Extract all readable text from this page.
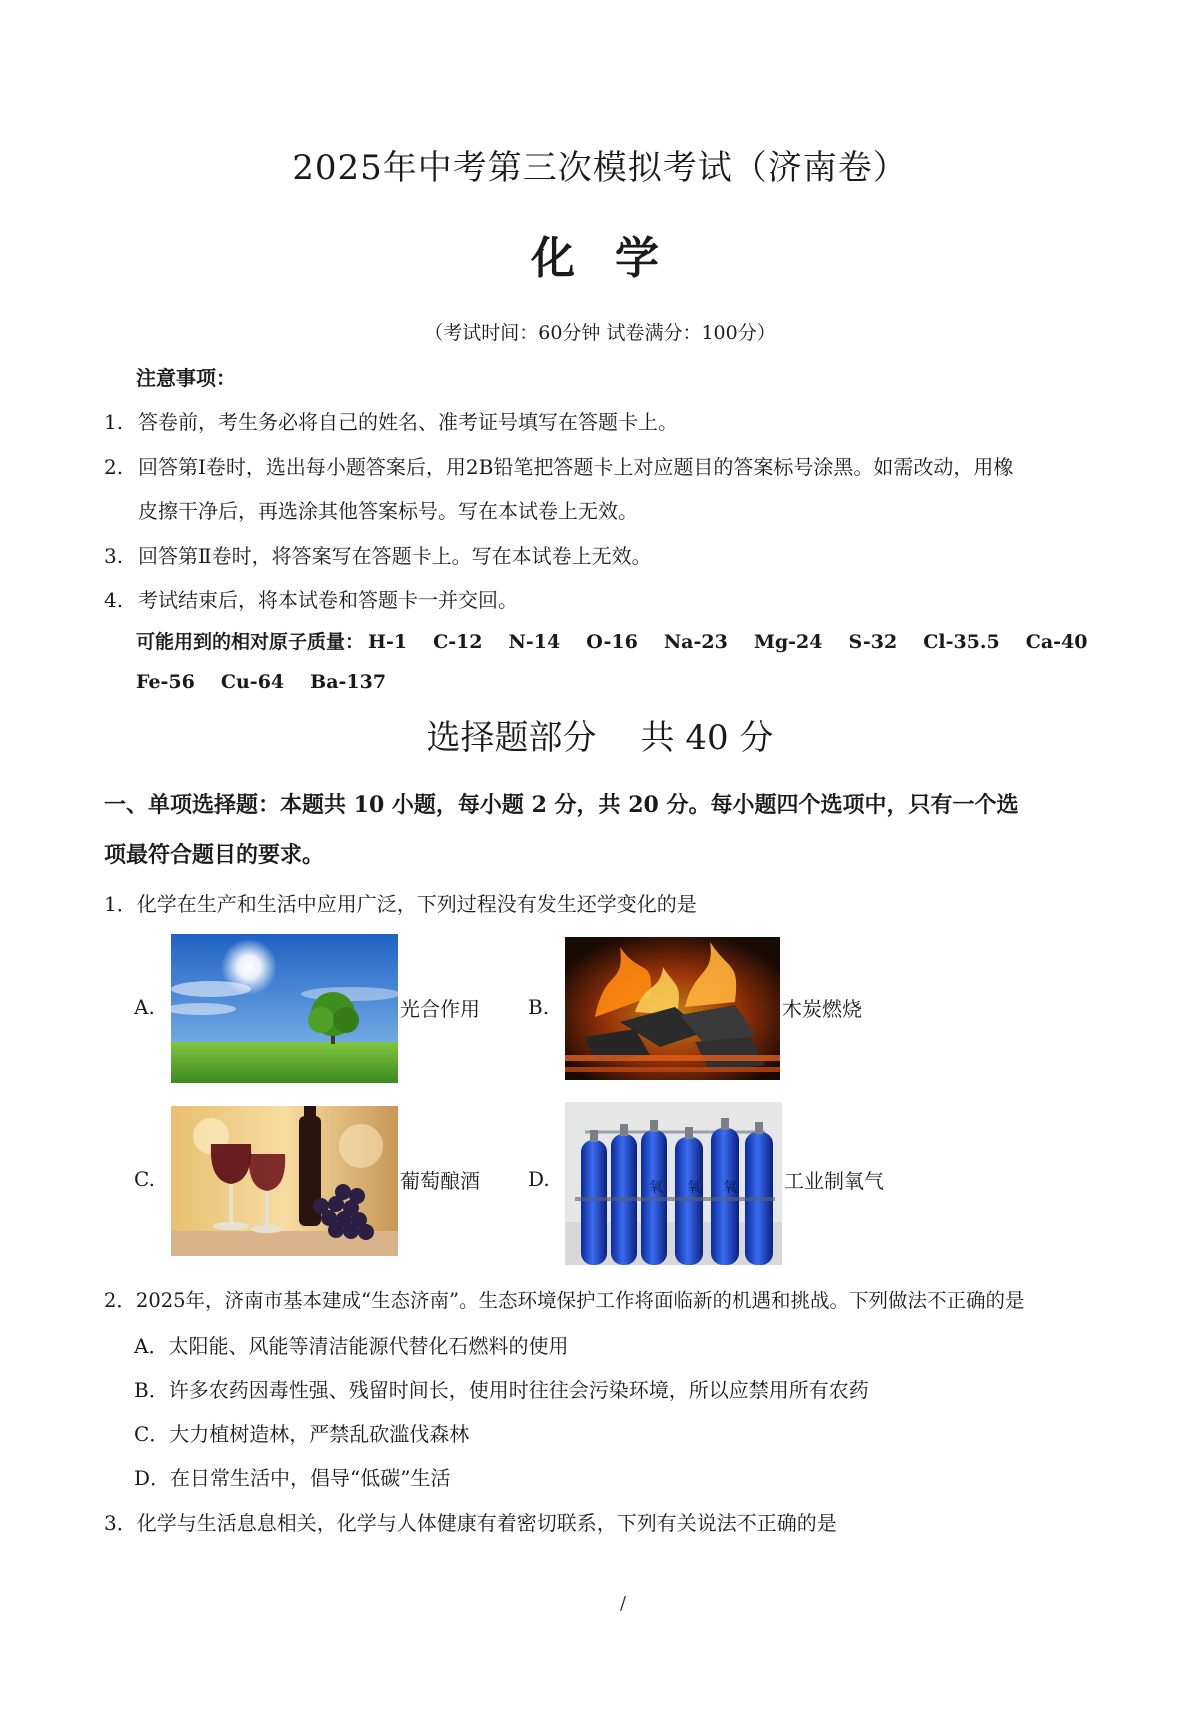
2025年中考第三次模拟考试（济南卷）
化学
（考试时间：60分钟 试卷满分：100分）
注意事项：
1. 答卷前，考生务必将自己的姓名、准考证号填写在答题卡上。
2. 回答第Ⅰ卷时，选出每小题答案后，用2B铅笔把答题卡上对应题目的答案标号涂黑。如需改动，用橡
皮擦干净后，再选涂其他答案标号。写在本试卷上无效。
3. 回答第Ⅱ卷时，将答案写在答题卡上。写在本试卷上无效。
4. 考试结束后，将本试卷和答题卡一并交回。
可能用到的相对原子质量： H-1 C-12 N-14 O-16 Na-23 Mg-24 S-32 Cl-35.5 Ca-40
Fe-56 Cu-64 Ba-137
选择题部分 共 40 分
一、单项选择题：本题共 10 小题，每小题 2 分，共 20 分。每小题四个选项中，只有一个选
项最符合题目的要求。
1．化学在生产和生活中应用广泛，下列过程没有发生还学变化的是
A.	光合作用 B.	木炭燃烧
C.	葡萄酿酒 D.	氧 氧 氧 工业制氧气
2．2025年，济南市基本建成“生态济南”。生态环境保护工作将面临新的机遇和挑战。下列做法不正确的是
A．太阳能、风能等清洁能源代替化石燃料的使用
B．许多农药因毒性强、残留时间长，使用时往往会污染环境，所以应禁用所有农药
C．大力植树造林，严禁乱砍滥伐森林
D．在日常生活中，倡导“低碳”生活
3．化学与生活息息相关，化学与人体健康有着密切联系，下列有关说法不正确的是
/
